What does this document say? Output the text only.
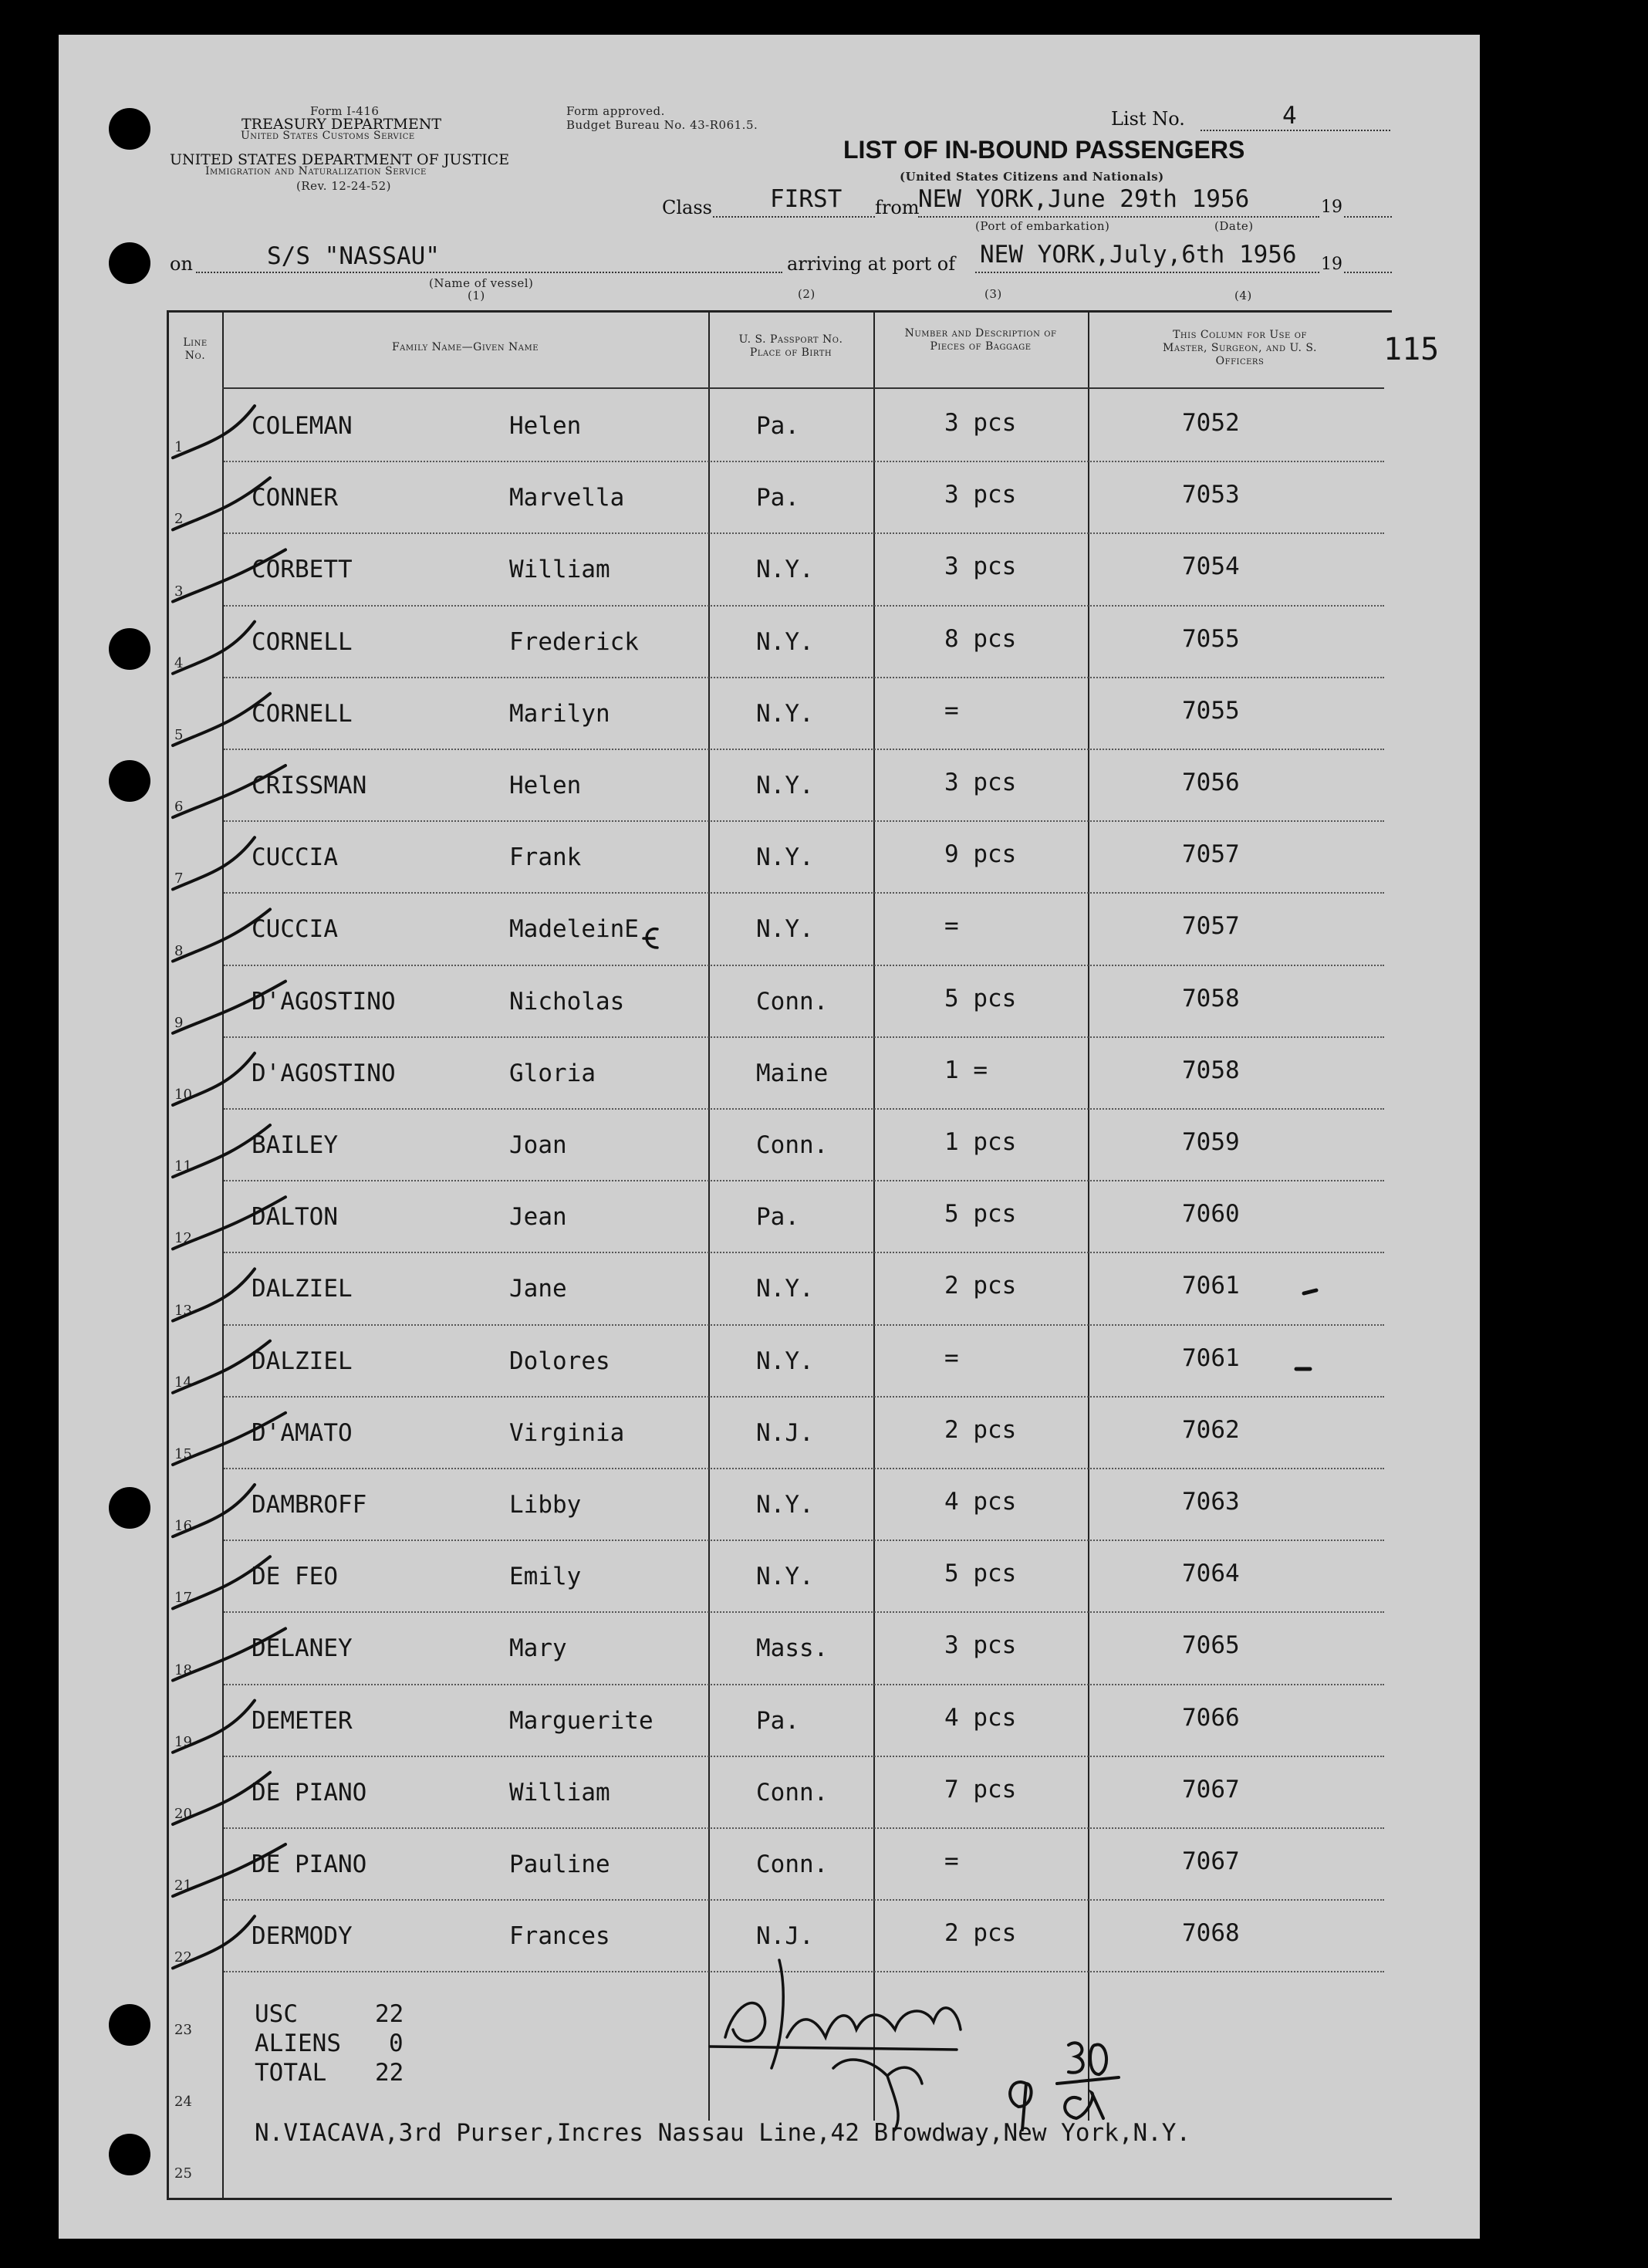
Form I-416
TREASURY DEPARTMENT
United States Customs Service
UNITED STATES DEPARTMENT OF JUSTICE
Immigration and Naturalization Service
(Rev. 12-24-52)
Form approved.
Budget Bureau No. 43-R061.5.	List No.	4
LIST OF IN-BOUND PASSENGERS
(United States Citizens and Nationals)
Class FIRST from
NEW YORK,June 29th 1956	19
(Port of embarkation)	(Date)
on	S/S "NASSAU"
(Name of vessel)
(1)
arriving at port of NEW YORK,July,6th 1956 19
115
Line No.
Family Name—Given Name
U. S. Passport No. Place of Birth
(2)
Number and Description of Pieces of Baggage
(3)
This Column for Use of Master, Surgeon, and U. S. Officers
(4)
1
COLEMAN	Helen	Pa.	3 pcs	7052
2
CONNER	Marvella	Pa.	3 pcs	7053
3
CORBETT	William	N.Y.	3 pcs	7054
4
CORNELL	Frederick	N.Y.	8 pcs	7055
5
CORNELL	Marilyn	N.Y.	=	7055
6
CRISSMAN	Helen	N.Y.	3 pcs	7056
7
CUCCIA	Frank	N.Y.	9 pcs	7057
8
CUCCIA	MadeleinE	N.Y.	=	7057
9
D'AGOSTINO	Nicholas	Conn.	5 pcs	7058
10
D'AGOSTINO	Gloria	Maine	1 =	7058
11
BAILEY	Joan	Conn.	1 pcs	7059
12
DALTON	Jean	Pa.	5 pcs	7060
13
DALZIEL	Jane	N.Y.	2 pcs	7061
14
DALZIEL	Dolores	N.Y.	=	7061
15
D'AMATO	Virginia	N.J.	2 pcs	7062
16
DAMBROFF	Libby	N.Y.	4 pcs	7063
17
DE FEO	Emily	N.Y.	5 pcs	7064
18
DELANEY	Mary	Mass.	3 pcs	7065
19
DEMETER	Marguerite	Pa.	4 pcs	7066
20
DE PIANO	William	Conn.	7 pcs	7067
21
DE PIANO	Pauline	Conn.	=	7067
22
DERMODY	Frances	N.J.	2 pcs	7068
23
24
25
USC	22
ALIENS 0
TOTAL 22
N.VIACAVA,3rd Purser,Incres Nassau Line,42 Browdway,New York,N.Y.
